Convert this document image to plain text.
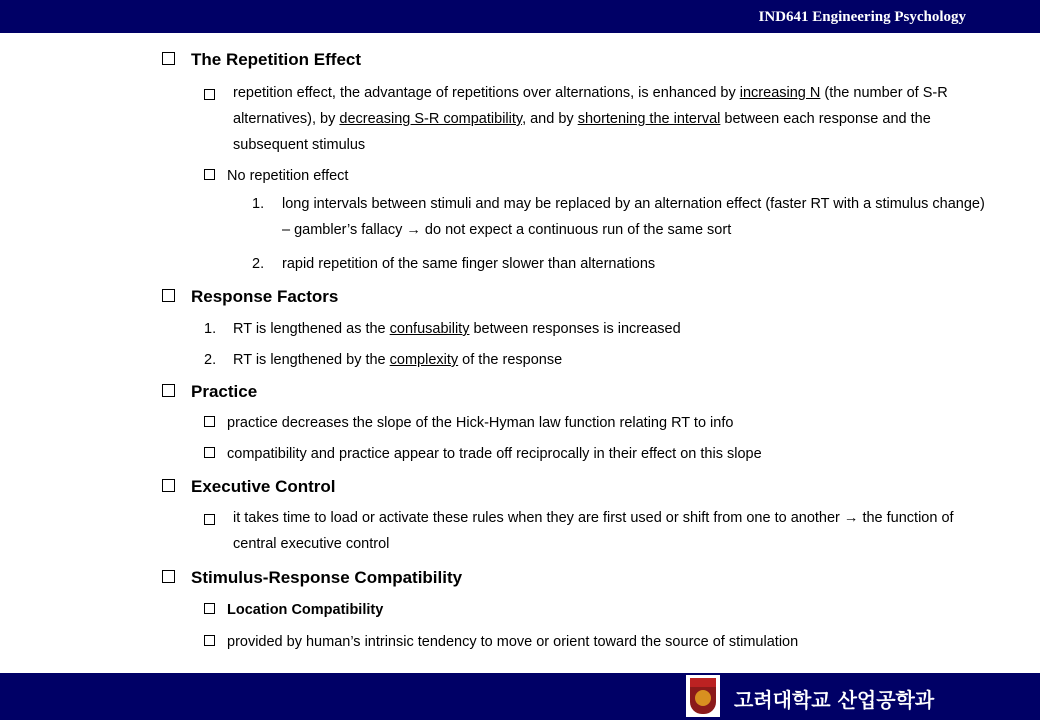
IND641 Engineering Psychology
The Repetition Effect
repetition effect, the advantage of repetitions over alternations, is enhanced by increasing N (the number of S-R alternatives), by decreasing S-R compatibility, and by shortening the interval between each response and the subsequent stimulus
No repetition effect
1. long intervals between stimuli and may be replaced by an alternation effect (faster RT with a stimulus change) – gambler’s fallacy → do not expect a continuous run of the same sort
2. rapid repetition of the same finger slower than alternations
Response Factors
1. RT is lengthened as the confusability between responses is increased
2. RT is lengthened by the complexity of the response
Practice
practice decreases the slope of the Hick-Hyman law function relating RT to info
compatibility and practice appear to trade off reciprocally in their effect on this slope
Executive Control
it takes time to load or activate these rules when they are first used or shift from one to another → the function of central executive control
Stimulus-Response Compatibility
Location Compatibility
provided by human’s intrinsic tendency to move or orient toward the source of stimulation
고려대학교 산업공학과
